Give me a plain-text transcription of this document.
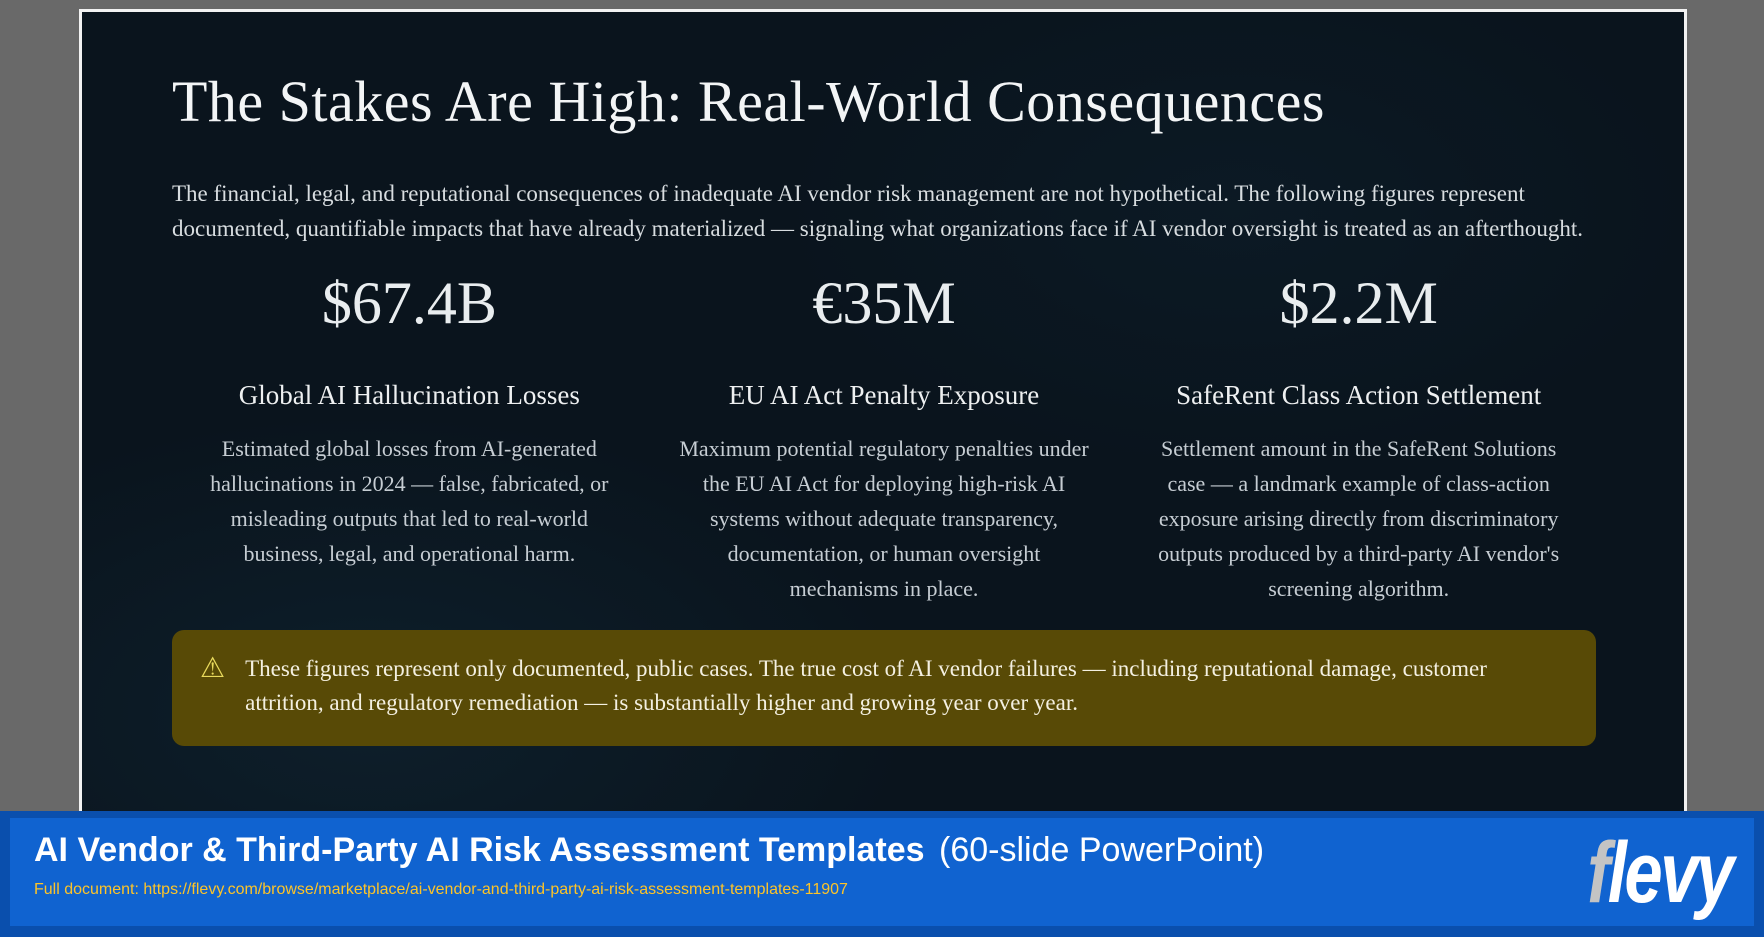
The Stakes Are High: Real-World Consequences

The financial, legal, and reputational consequences of inadequate AI vendor risk management are not hypothetical. The following figures represent documented, quantifiable impacts that have already materialized — signaling what organizations face if AI vendor oversight is treated as an afterthought.

$67.4B
Global AI Hallucination Losses
Estimated global losses from AI-generated hallucinations in 2024 — false, fabricated, or misleading outputs that led to real-world business, legal, and operational harm.
€35M
EU AI Act Penalty Exposure
Maximum potential regulatory penalties under the EU AI Act for deploying high-risk AI systems without adequate transparency, documentation, or human oversight mechanisms in place.
$2.2M
SafeRent Class Action Settlement
Settlement amount in the SafeRent Solutions case — a landmark example of class-action exposure arising directly from discriminatory outputs produced by a third-party AI vendor's screening algorithm.
⚠ These figures represent only documented, public cases. The true cost of AI vendor failures — including reputational damage, customer attrition, and regulatory remediation — is substantially higher and growing year over year.

AI Vendor & Third-Party AI Risk Assessment Templates (60-slide PowerPoint)
Full document: https://flevy.com/browse/marketplace/ai-vendor-and-third-party-ai-risk-assessment-templates-11907	flevy
